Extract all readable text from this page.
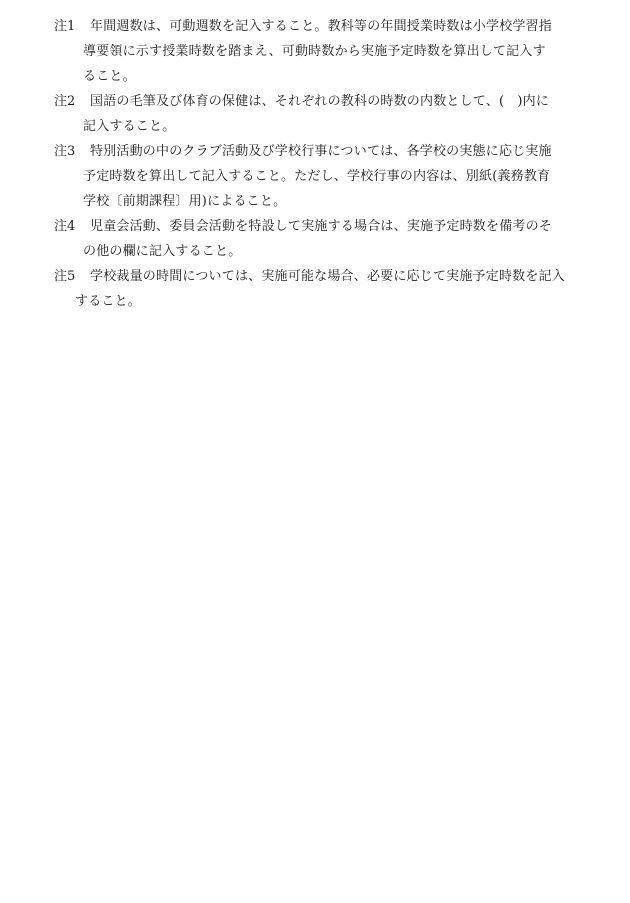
注1	年間週数は、可動週数を記入すること。教科等の年間授業時数は小学校学習指
導要領に示す授業時数を踏まえ、可動時数から実施予定時数を算出して記入す
ること。
注2	国語の毛筆及び体育の保健は、それぞれの教科の時数の内数として、(　)内に
記入すること。
注3	特別活動の中のクラブ活動及び学校行事については、各学校の実態に応じ実施
予定時数を算出して記入すること。ただし、学校行事の内容は、別紙(義務教育
学校〔前期課程〕用)によること。
注4	児童会活動、委員会活動を特設して実施する場合は、実施予定時数を備考のそ
の他の欄に記入すること。
注5	学校裁量の時間については、実施可能な場合、必要に応じて実施予定時数を記入
すること。
